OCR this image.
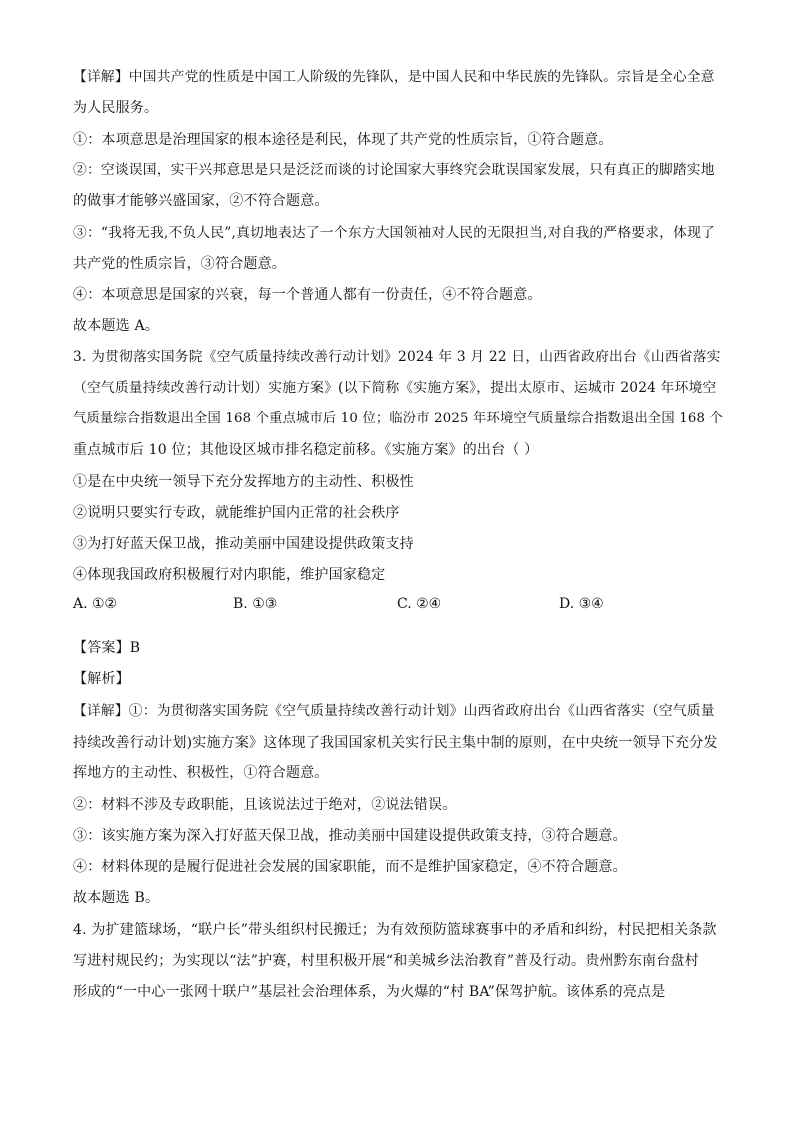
【详解】中国共产党的性质是中国工人阶级的先锋队，是中国人民和中华民族的先锋队。宗旨是全心全意
为人民服务。
①：本项意思是治理国家的根本途径是利民，体现了共产党的性质宗旨，①符合题意。
②：空谈误国，实干兴邦意思是只是泛泛而谈的讨论国家大事终究会耽误国家发展，只有真正的脚踏实地
的做事才能够兴盛国家，②不符合题意。
③：“我将无我,不负人民”,真切地表达了一个东方大国领袖对人民的无限担当,对自我的严格要求，体现了
共产党的性质宗旨，③符合题意。
④：本项意思是国家的兴衰，每一个普通人都有一份责任，④不符合题意。
故本题选 A。
3. 为贯彻落实国务院《空气质量持续改善行动计划》2024 年 3 月 22 日，山西省政府出台《山西省落实
（空气质量持续改善行动计划）实施方案》(以下简称《实施方案》，提出太原市、运城市 2024 年环境空
气质量综合指数退出全国 168 个重点城市后 10 位；临汾市 2025 年环境空气质量综合指数退出全国 168 个
重点城市后 10 位；其他设区城市排名稳定前移。《实施方案》的出台（ ）
①是在中央统一领导下充分发挥地方的主动性、积极性
②说明只要实行专政，就能维护国内正常的社会秩序
③为打好蓝天保卫战，推动美丽中国建设提供政策支持
④体现我国政府积极履行对内职能，维护国家稳定
A. ①②	B. ①③	C. ②④	D. ③④
【答案】B
【解析】
【详解】①：为贯彻落实国务院《空气质量持续改善行动计划》山西省政府出台《山西省落实（空气质量
持续改善行动计划)实施方案》这体现了我国国家机关实行民主集中制的原则，在中央统一领导下充分发
挥地方的主动性、积极性，①符合题意。
②：材料不涉及专政职能，且该说法过于绝对，②说法错误。
③：该实施方案为深入打好蓝天保卫战，推动美丽中国建设提供政策支持，③符合题意。
④：材料体现的是履行促进社会发展的国家职能，而不是维护国家稳定，④不符合题意。
故本题选 B。
4. 为扩建篮球场，“联户长”带头组织村民搬迁；为有效预防篮球赛事中的矛盾和纠纷，村民把相关条款
写进村规民约；为实现以“法”护赛，村里积极开展“和美城乡法治教育”普及行动。贵州黔东南台盘村
形成的“一中心一张网十联户”基层社会治理体系，为火爆的“村 BA”保驾护航。该体系的亮点是
